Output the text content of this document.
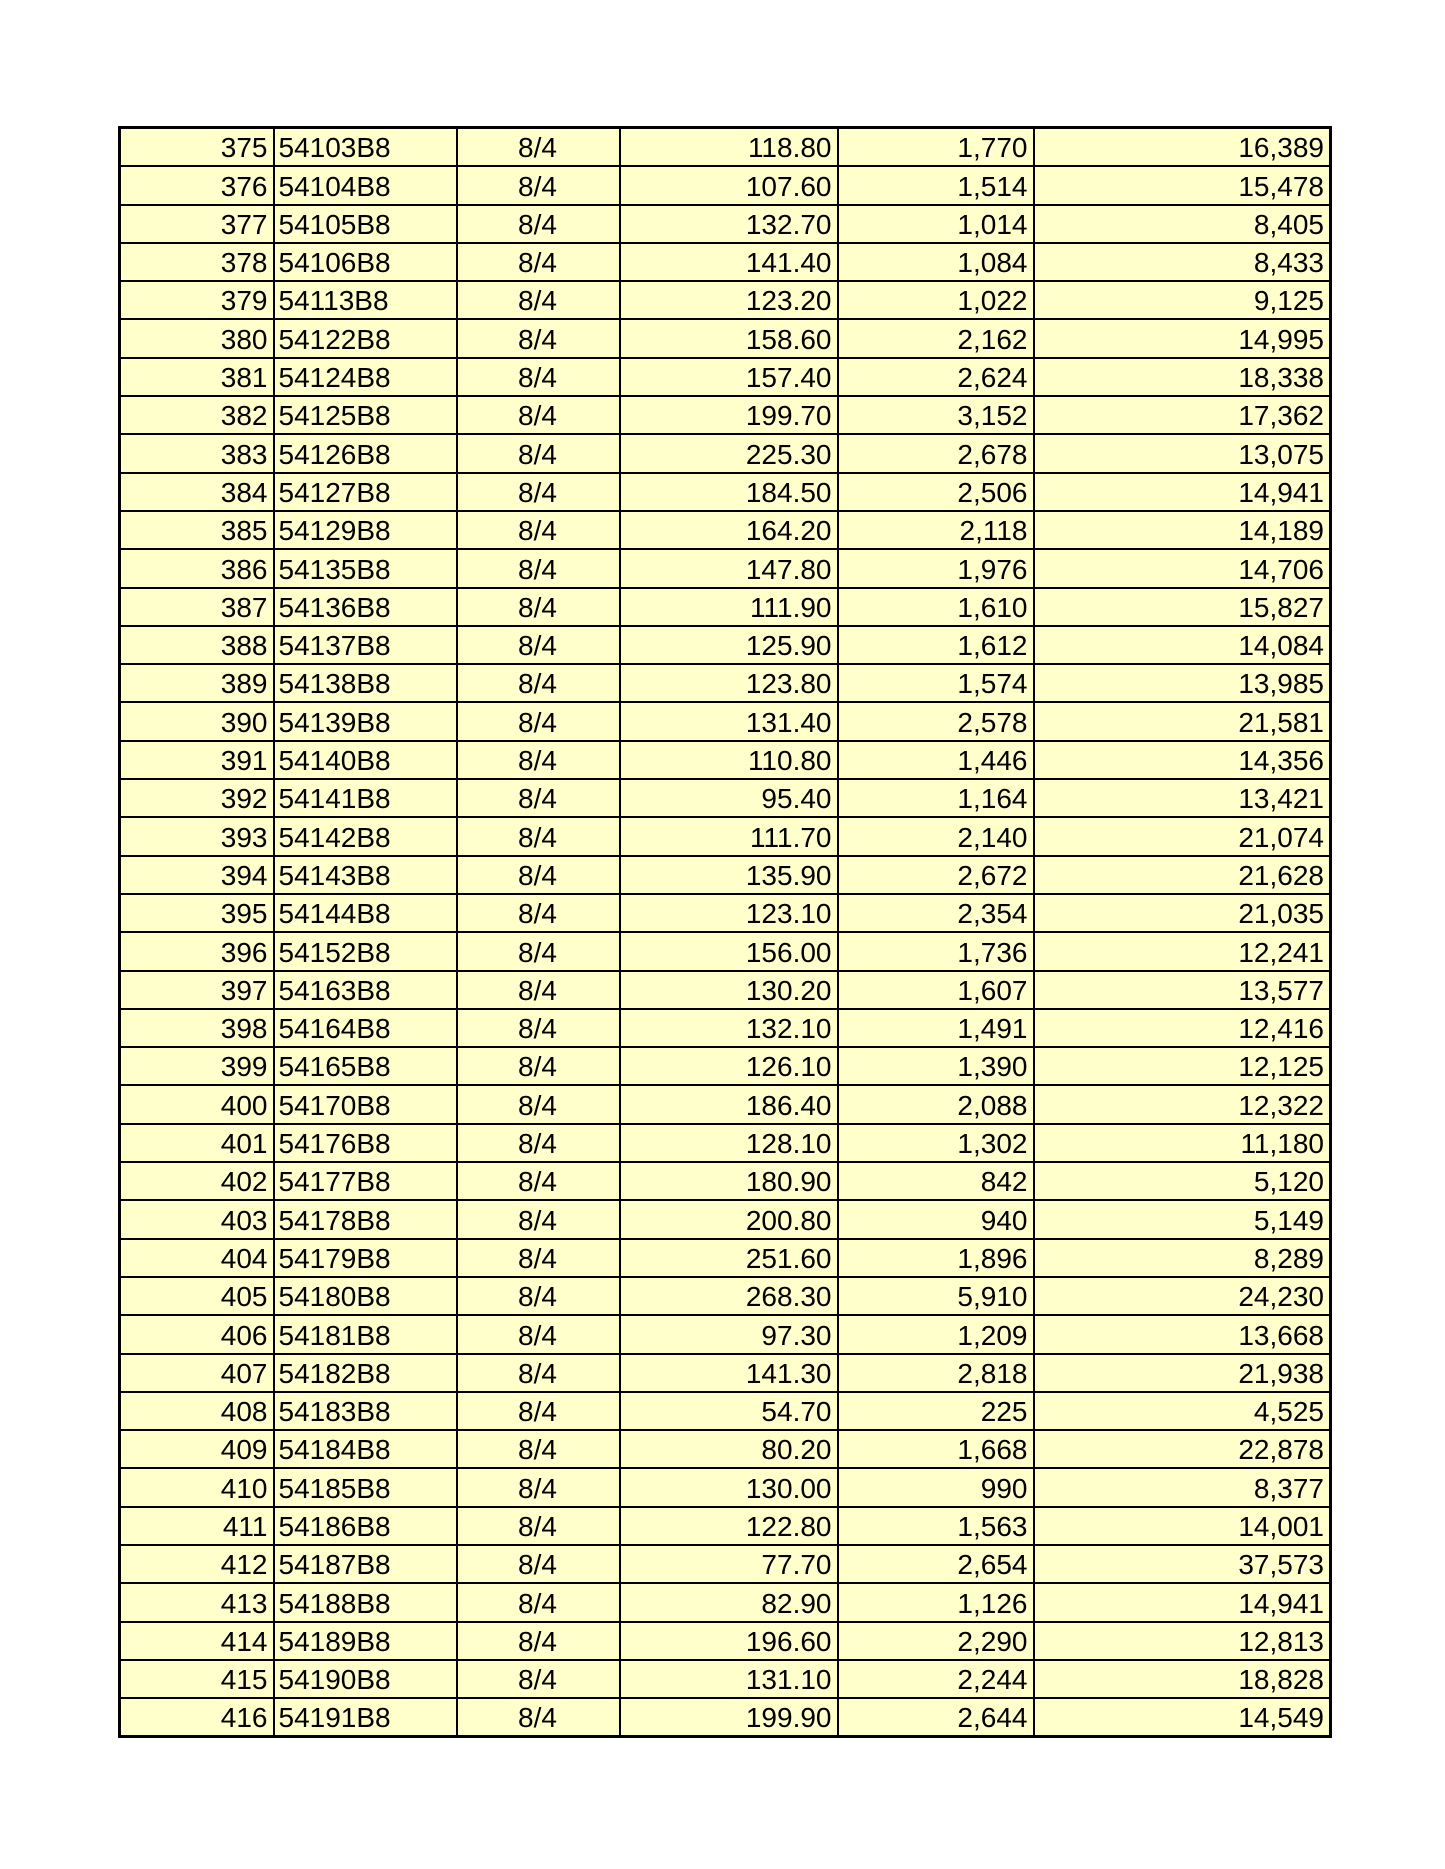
375	54103B8	8/4	118.80	1,770	16,389
376	54104B8	8/4	107.60	1,514	15,478
377	54105B8	8/4	132.70	1,014	8,405
378	54106B8	8/4	141.40	1,084	8,433
379	54113B8	8/4	123.20	1,022	9,125
380	54122B8	8/4	158.60	2,162	14,995
381	54124B8	8/4	157.40	2,624	18,338
382	54125B8	8/4	199.70	3,152	17,362
383	54126B8	8/4	225.30	2,678	13,075
384	54127B8	8/4	184.50	2,506	14,941
385	54129B8	8/4	164.20	2,118	14,189
386	54135B8	8/4	147.80	1,976	14,706
387	54136B8	8/4	111.90	1,610	15,827
388	54137B8	8/4	125.90	1,612	14,084
389	54138B8	8/4	123.80	1,574	13,985
390	54139B8	8/4	131.40	2,578	21,581
391	54140B8	8/4	110.80	1,446	14,356
392	54141B8	8/4	95.40	1,164	13,421
393	54142B8	8/4	111.70	2,140	21,074
394	54143B8	8/4	135.90	2,672	21,628
395	54144B8	8/4	123.10	2,354	21,035
396	54152B8	8/4	156.00	1,736	12,241
397	54163B8	8/4	130.20	1,607	13,577
398	54164B8	8/4	132.10	1,491	12,416
399	54165B8	8/4	126.10	1,390	12,125
400	54170B8	8/4	186.40	2,088	12,322
401	54176B8	8/4	128.10	1,302	11,180
402	54177B8	8/4	180.90	842	5,120
403	54178B8	8/4	200.80	940	5,149
404	54179B8	8/4	251.60	1,896	8,289
405	54180B8	8/4	268.30	5,910	24,230
406	54181B8	8/4	97.30	1,209	13,668
407	54182B8	8/4	141.30	2,818	21,938
408	54183B8	8/4	54.70	225	4,525
409	54184B8	8/4	80.20	1,668	22,878
410	54185B8	8/4	130.00	990	8,377
411	54186B8	8/4	122.80	1,563	14,001
412	54187B8	8/4	77.70	2,654	37,573
413	54188B8	8/4	82.90	1,126	14,941
414	54189B8	8/4	196.60	2,290	12,813
415	54190B8	8/4	131.10	2,244	18,828
416	54191B8	8/4	199.90	2,644	14,549
